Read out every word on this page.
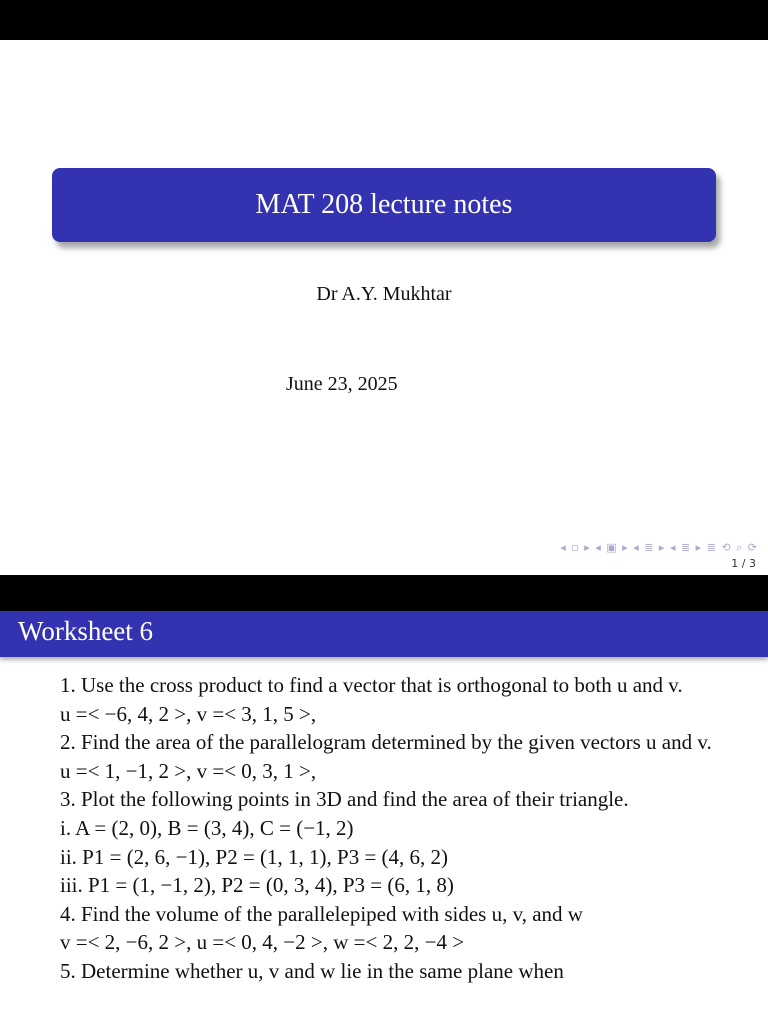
MAT 208 lecture notes
Dr A.Y. Mukhtar
June 23, 2025
◂ ▫ ▸ ◂ ▣ ▸ ◂ ≣ ▸ ◂ ≣ ▸ ≣ ⟲ ⌕ ⟳
1 / 3
Worksheet 6

1. Use the cross product to find a vector that is orthogonal to both u and v.

u =< −6, 4, 2 >, v =< 3, 1, 5 >,

2. Find the area of the parallelogram determined by the given vectors u and v.

u =< 1, −1, 2 >, v =< 0, 3, 1 >,

3. Plot the following points in 3D and find the area of their triangle.

i. A = (2, 0), B = (3, 4), C = (−1, 2)

ii. P1 = (2, 6, −1), P2 = (1, 1, 1), P3 = (4, 6, 2)

iii. P1 = (1, −1, 2), P2 = (0, 3, 4), P3 = (6, 1, 8)

4. Find the volume of the parallelepiped with sides u, v, and w

v =< 2, −6, 2 >, u =< 0, 4, −2 >, w =< 2, 2, −4 >

5. Determine whether u, v and w lie in the same plane when
